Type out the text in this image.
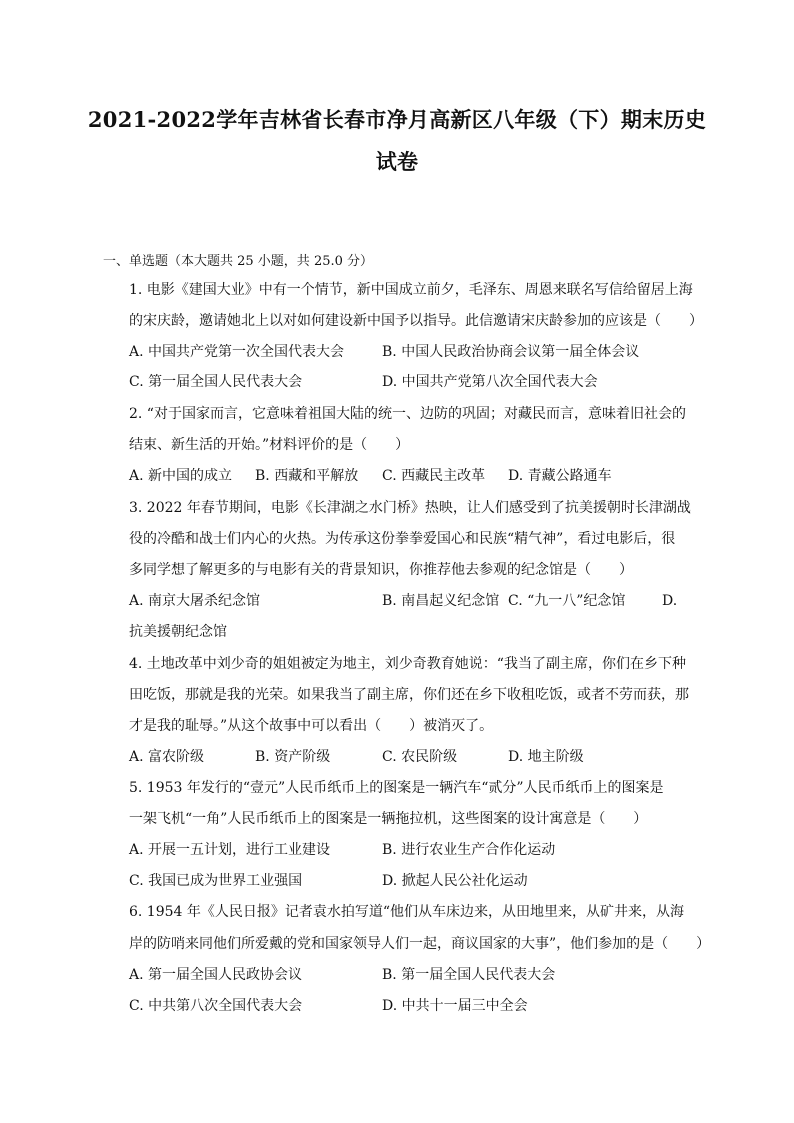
2021-2022学年吉林省长春市净月高新区八年级（下）期末历史
试卷
一、单选题（本大题共 25 小题，共 25.0 分）
1. 电影《建国大业》中有一个情节，新中国成立前夕，毛泽东、周恩来联名写信给留居上海
的宋庆龄，邀请她北上以对如何建设新中国予以指导。此信邀请宋庆龄参加的应该是（　　）
A. 中国共产党第一次全国代表大会	B. 中国人民政治协商会议第一届全体会议
C. 第一届全国人民代表大会	D. 中国共产党第八次全国代表大会
2. “对于国家而言，它意味着祖国大陆的统一、边防的巩固；对藏民而言，意味着旧社会的
结束、新生活的开始。”材料评价的是（　　）
A. 新中国的成立 B. 西藏和平解放 C. 西藏民主改革 D. 青藏公路通车
3. 2022 年春节期间，电影《长津湖之水门桥》热映，让人们感受到了抗美援朝时长津湖战
役的冷酷和战士们内心的火热。为传承这份拳拳爱国心和民族“精气神”，看过电影后，很
多同学想了解更多的与电影有关的背景知识，你推荐他去参观的纪念馆是（　　）
A. 南京大屠杀纪念馆	B. 南昌起义纪念馆 C. “九一八”纪念馆	D.
抗美援朝纪念馆
4. 土地改革中刘少奇的姐姐被定为地主，刘少奇教育她说：“我当了副主席，你们在乡下种
田吃饭，那就是我的光荣。如果我当了副主席，你们还在乡下收租吃饭，或者不劳而获，那
才是我的耻辱。”从这个故事中可以看出（　　）被消灭了。
A. 富农阶级	B. 资产阶级	C. 农民阶级	D. 地主阶级
5. 1953 年发行的“壹元”人民币纸币上的图案是一辆汽车“贰分”人民币纸币上的图案是
一架飞机“一角”人民币纸币上的图案是一辆拖拉机，这些图案的设计寓意是（　　）
A. 开展一五计划，进行工业建设	B. 进行农业生产合作化运动
C. 我国已成为世界工业强国	D. 掀起人民公社化运动
6. 1954 年《人民日报》记者袁水拍写道“他们从车床边来，从田地里来，从矿井来，从海
岸的防哨来同他们所爱戴的党和国家领导人们一起，商议国家的大事”，他们参加的是（　　）
A. 第一届全国人民政协会议	B. 第一届全国人民代表大会
C. 中共第八次全国代表大会	D. 中共十一届三中全会
